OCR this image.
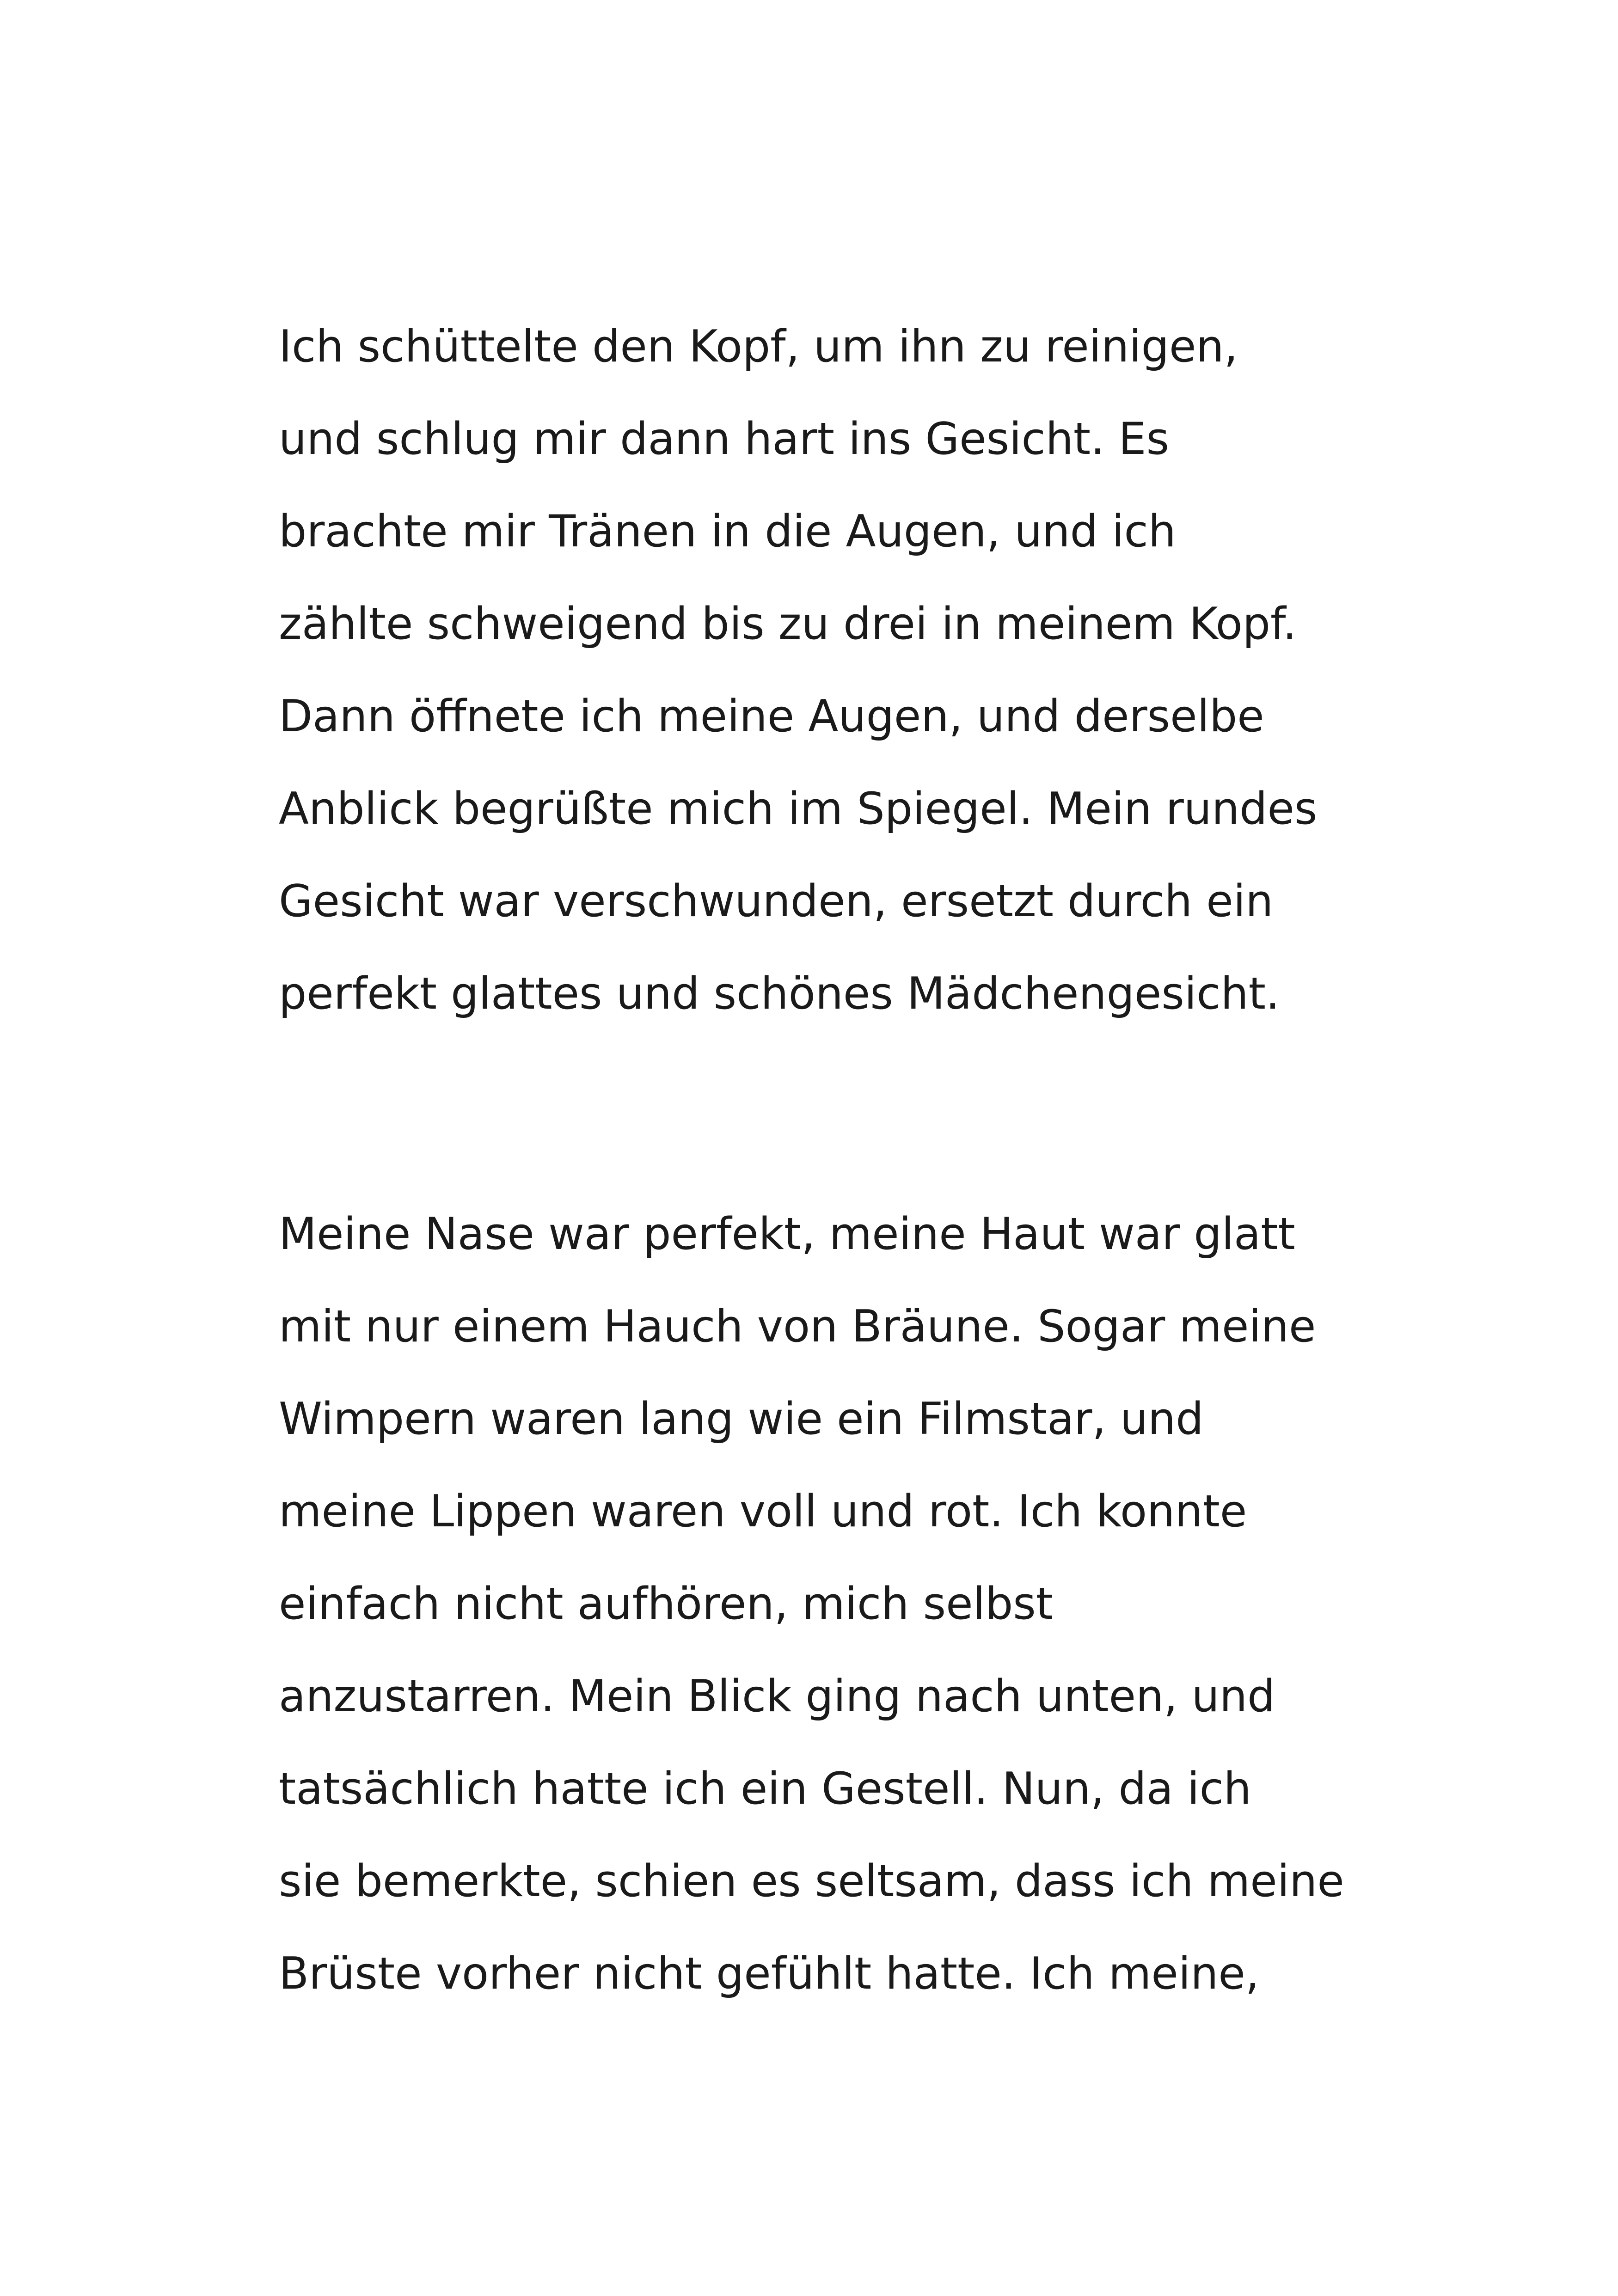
Ich schüttelte den Kopf, um ihn zu reinigen,
und schlug mir dann hart ins Gesicht. Es
brachte mir Tränen in die Augen, und ich
zählte schweigend bis zu drei in meinem Kopf.
Dann öffnete ich meine Augen, und derselbe
Anblick begrüßte mich im Spiegel. Mein rundes
Gesicht war verschwunden, ersetzt durch ein
perfekt glattes und schönes Mädchengesicht.
Meine Nase war perfekt, meine Haut war glatt
mit nur einem Hauch von Bräune. Sogar meine
Wimpern waren lang wie ein Filmstar, und
meine Lippen waren voll und rot. Ich konnte
einfach nicht aufhören, mich selbst
anzustarren. Mein Blick ging nach unten, und
tatsächlich hatte ich ein Gestell. Nun, da ich
sie bemerkte, schien es seltsam, dass ich meine
Brüste vorher nicht gefühlt hatte. Ich meine,
